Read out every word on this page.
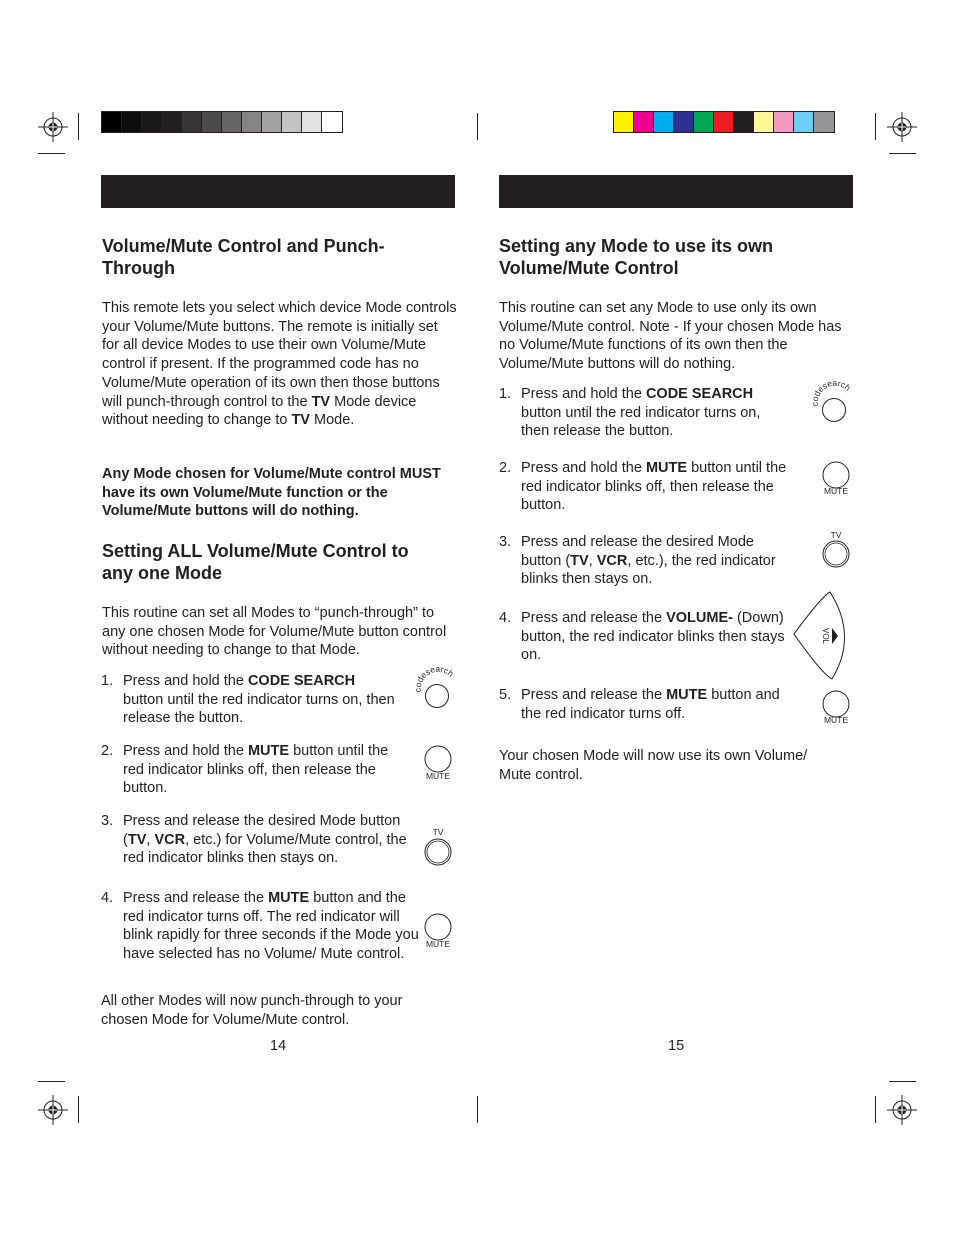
Volume/Mute Control and Punch-Through

This remote lets you select which device Mode controls your Volume/Mute buttons. The remote is initially set for all device Modes to use their own Volume/Mute control if present. If the programmed code has no Volume/Mute operation of its own then those buttons will punch-through control to the TV Mode device without needing to change to TV Mode.

Any Mode chosen for Volume/Mute control MUST have its own Volume/Mute function or the Volume/Mute buttons will do nothing.

Setting ALL Volume/Mute Control to any one Mode

This routine can set all Modes to “punch-through” to any one chosen Mode for Volume/Mute button control without needing to change to that Mode.

1. Press and hold the CODE SEARCH button until the red indicator turns on, then release the button.
2. Press and hold the MUTE button until the red indicator blinks off, then release the button.
3. Press and release the desired Mode button (TV, VCR, etc.) for Volume/Mute control, the red indicator blinks then stays on.
4. Press and release the MUTE button and the red indicator turns off. The red indicator will blink rapidly for three seconds if the Mode you have selected has no Volume/ Mute control.

All other Modes will now punch-through to your chosen Mode for Volume/Mute control.

14
codesearch
MUTE
TV
MUTE
Setting any Mode to use its own Volume/Mute Control

This routine can set any Mode to use only its own Volume/Mute control. Note - If your chosen Mode has no Volume/Mute functions of its own then the Volume/Mute buttons will do nothing.

1. Press and hold the CODE SEARCH button until the red indicator turns on, then release the button.
2. Press and hold the MUTE button until the red indicator blinks off, then release the button.
3. Press and release the desired Mode button (TV, VCR, etc.), the red indicator blinks then stays on.
4. Press and release the VOLUME- (Down) button, the red indicator blinks then stays on.
5. Press and release the MUTE button and the red indicator turns off.

Your chosen Mode will now use its own Volume/ Mute control.

15
codesearch
MUTE
TV
VOL
MUTE
